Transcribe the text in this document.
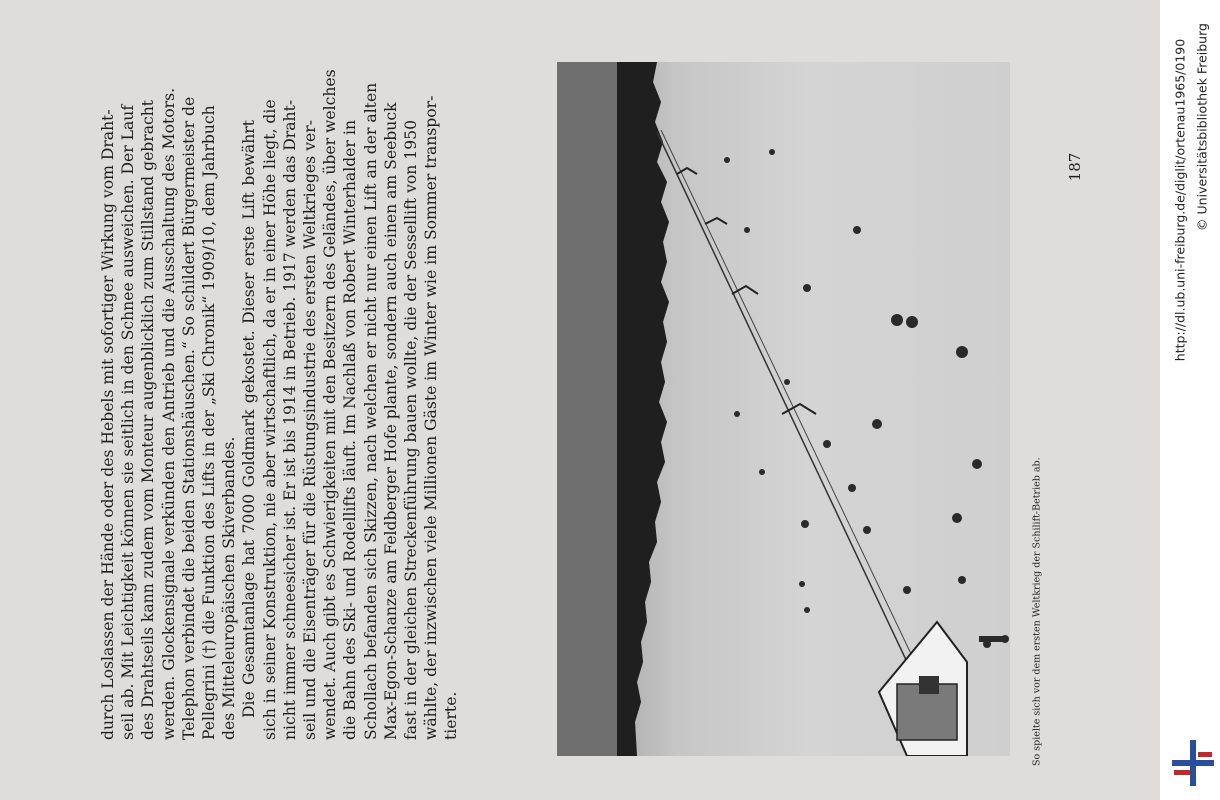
durch Loslassen der Hände oder des Hebels mit sofortiger Wirkung vom Draht- seil ab. Mit Leichtigkeit können sie seitlich in den Schnee ausweichen. Der Lauf des Drahtseils kann zudem vom Monteur augenblicklich zum Stillstand gebracht werden. Glockensignale verkünden den Antrieb und die Ausschaltung des Motors. Telephon verbindet die beiden Stationshäuschen.“ So schildert Bürgermeister de Pellegrini (†) die Funktion des Lifts in der „Ski Chronik“ 1909/10, dem Jahrbuch des Mitteleuropäischen Skiverbandes. Die Gesamtanlage hat 7000 Goldmark gekostet. Dieser erste Lift bewährt sich in seiner Konstruktion, nie aber wirtschaftlich, da er in einer Höhe liegt, die nicht immer schneesicher ist. Er ist bis 1914 in Betrieb. 1917 werden das Draht- seil und die Eisenträger für die Rüstungsindustrie des ersten Weltkrieges ver- wendet. Auch gibt es Schwierigkeiten mit den Besitzern des Geländes, über welches die Bahn des Ski- und Rodellifts läuft. Im Nachlaß von Robert Winterhalder in Schollach befanden sich Skizzen, nach welchen er nicht nur einen Lift an der alten Max-Egon-Schanze am Feldberger Hofe plante, sondern auch einen am Seebuck fast in der gleichen Streckenführung bauen wollte, die der Sessellift von 1950 wählte, der inzwischen viele Millionen Gäste im Winter wie im Sommer transpor- tierte.	So spielte sich vor dem ersten Weltkrieg der Schilift-Betrieb ab.
187	http://dl.ub.uni-freiburg.de/diglit/ortenau1965/0190 © Universitätsbibliothek Freiburg
